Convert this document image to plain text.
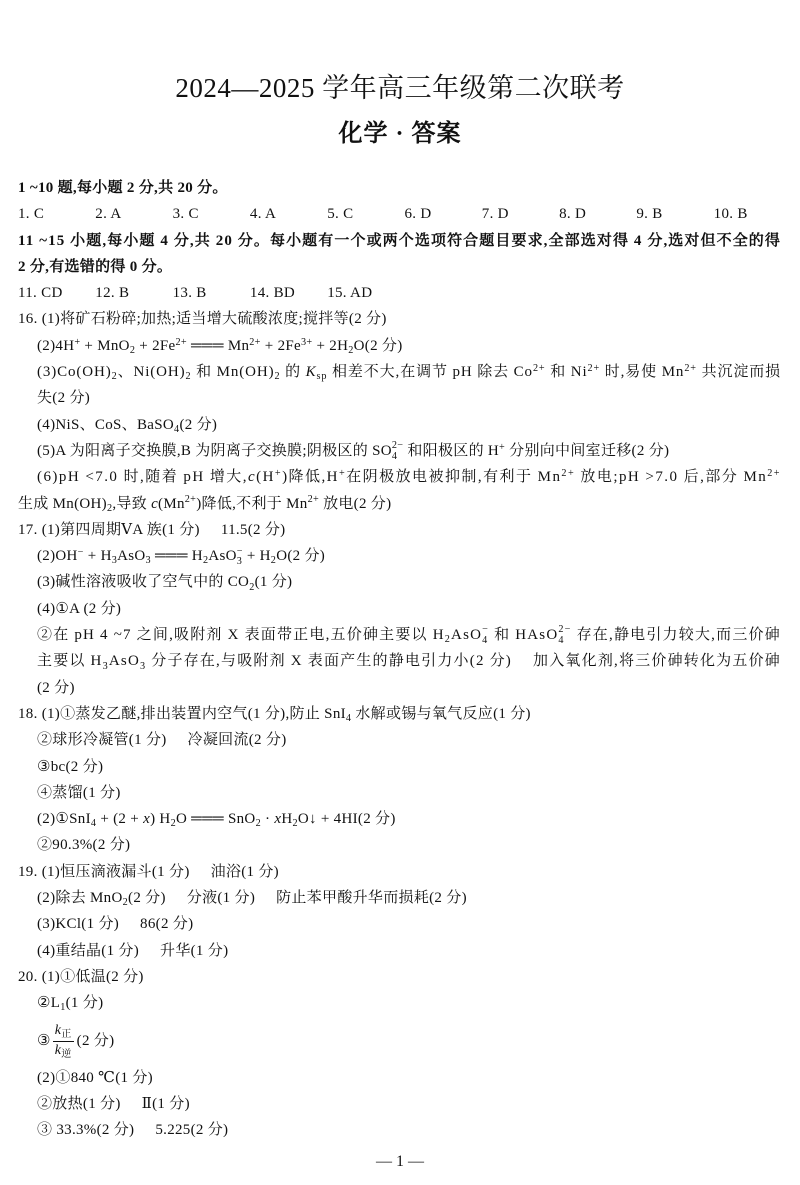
2024—2025 学年高三年级第二次联考
化学 · 答案
1 ~10 题,每小题 2 分,共 20 分。
1. C	2. A	3. C	4. A	5. C	6. D	7. D	8. D	9. B	10. B
11 ~15 小题,每小题 4 分,共 20 分。每小题有一个或两个选项符合题目要求,全部选对得 4 分,选对但不全的得
2 分,有选错的得 0 分。
11. CD 12. B	13. B	14. BD 15. AD
16. (1)将矿石粉碎;加热;适当增大硫酸浓度;搅拌等(2 分)
$(2)4H^+ + MnO_2 + 2Fe^{2+}$ ═══ $Mn^{2+} + 2Fe^{3+} + 2H_2O(2$ 分)
$(3)Co(OH)_2$、$Ni(OH)_2$ 和 $Mn(OH)_2$ 的 $K_{sp}$ 相差不大,在调节 pH 除去 $Co^{2+}$ 和 $Ni^{2+}$ 时,易使 $Mn^{2+}$ 共沉淀而损
失(2 分)
(4)NiS、CoS、BaSO$_4$(2 分)
(5)A 为阳离子交换膜,B 为阴离子交换膜;阴极区的 SO 2−
4 和阳极区的 H+ 分别向中间室迁移(2 分)
(6)pH <7.0 时,随着 pH 增大,c(H+)降低,H+在阴极放电被抑制,有利于 $Mn^{2+}$ 放电;pH >7.0 后,部分 $Mn^{2+}$
生成 $Mn(OH)_2$,导致 $c(Mn^{2+})$降低,不利于 $Mn^{2+}$ 放电(2 分)
17. (1)第四周期ⅤA 族(1 分) 11.5(2 分)
$(2)OH^- + H_3AsO_3$ ═══ $H_2AsO$ −
$3 + H_2O(2$ 分)
(3)碱性溶液吸收了空气中的 $CO_2(1$ 分)
(4)①A (2 分)
②在 pH 4 ~7 之间,吸附剂 X 表面带正电,五价砷主要以 $H_2AsO$ −
4 和 HAsO 2−
4 存在,静电引力较大,而三价砷
主要以 $H_3AsO_3$ 分子存在,与吸附剂 X 表面产生的静电引力小(2 分) 加入氧化剂,将三价砷转化为五价砷
(2 分)
18. (1)①蒸发乙醚,排出装置内空气(1 分),防止 SnI$_4$ 水解或锡与氧气反应(1 分)
②球形冷凝管(1 分) 冷凝回流(2 分)
③bc(2 分)
④蒸馏(1 分)
(2)①SnI$_4$ + (2 + x) $H_2O$ ═══ $SnO_2 \cdot xH_2O↓ + 4HI(2$ 分)
②90.3%(2 分)
19. (1)恒压滴液漏斗(1 分) 油浴(1 分)
(2)除去 MnO$_2$(2 分) 分液(1 分) 防止苯甲酸升华而损耗(2 分)
(3)KCl(1 分) 86(2 分)
(4)重结晶(1 分) 升华(1 分)
20. (1)①低温(2 分)
$②L_1(1$ 分)
③ $\frac{k_正}{k_逆} (2$ 分)
(2)①840 ℃(1 分)
②放热(1 分) Ⅱ(1 分)
③ 33.3%(2 分) 5.225(2 分)
— 1 —
